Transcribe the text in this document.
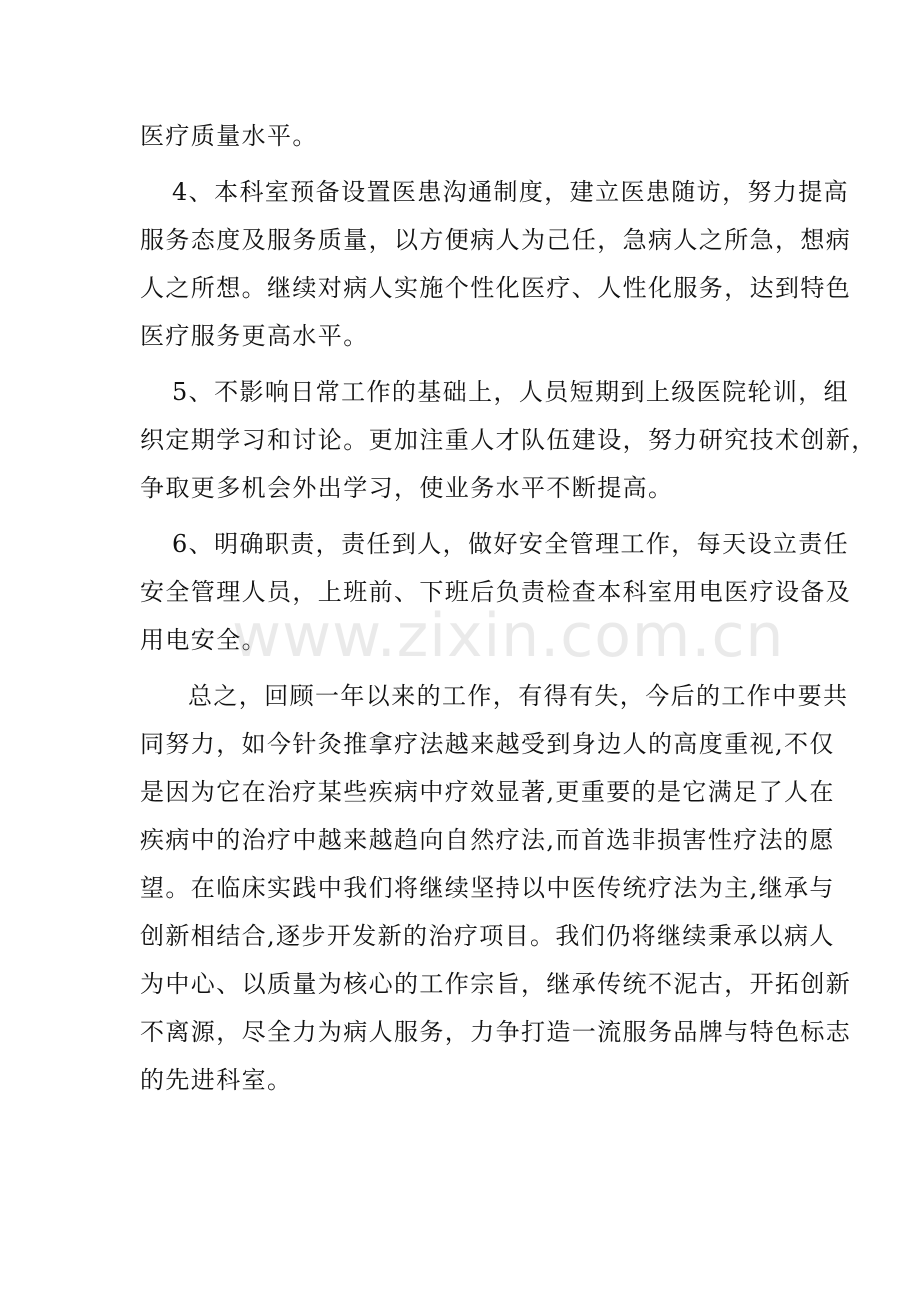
医疗质量水平。
4、本科室预备设置医患沟通制度，建立医患随访，努力提高
服务态度及服务质量，以方便病人为己任，急病人之所急，想病
人之所想。继续对病人实施个性化医疗、人性化服务，达到特色
医疗服务更高水平。
5、不影响日常工作的基础上，人员短期到上级医院轮训，组
织定期学习和讨论。更加注重人才队伍建设，努力研究技术创新，
争取更多机会外出学习，使业务水平不断提高。
6、明确职责，责任到人，做好安全管理工作，每天设立责任
安全管理人员，上班前、下班后负责检查本科室用电医疗设备及
用电安全。
总之，回顾一年以来的工作，有得有失，今后的工作中要共
同努力，如今针灸推拿疗法越来越受到身边人的高度重视,不仅
是因为它在治疗某些疾病中疗效显著,更重要的是它满足了人在
疾病中的治疗中越来越趋向自然疗法,而首选非损害性疗法的愿
望。在临床实践中我们将继续坚持以中医传统疗法为主,继承与
创新相结合,逐步开发新的治疗项目。我们仍将继续秉承以病人
为中心、以质量为核心的工作宗旨，继承传统不泥古，开拓创新
不离源，尽全力为病人服务，力争打造一流服务品牌与特色标志
的先进科室。
www.zixin.com.cn
